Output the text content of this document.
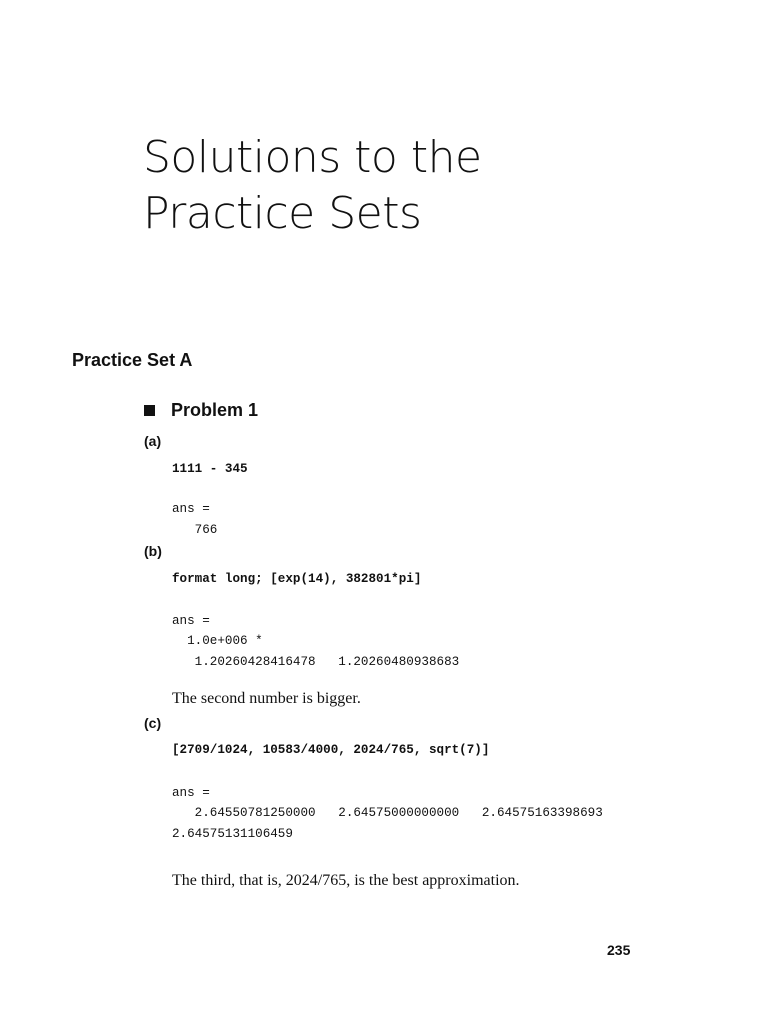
Solutions to the
Practice Sets
Practice Set A
Problem 1
(a)
1111 - 345
ans =
766
(b)
format long; [exp(14), 382801*pi]
ans =
1.0e+006 *
1.20260428416478   1.20260480938683
The second number is bigger.
(c)
[2709/1024, 10583/4000, 2024/765, sqrt(7)]
ans =
2.64550781250000   2.64575000000000   2.64575163398693
2.64575131106459
The third, that is, 2024/765, is the best approximation.
235
